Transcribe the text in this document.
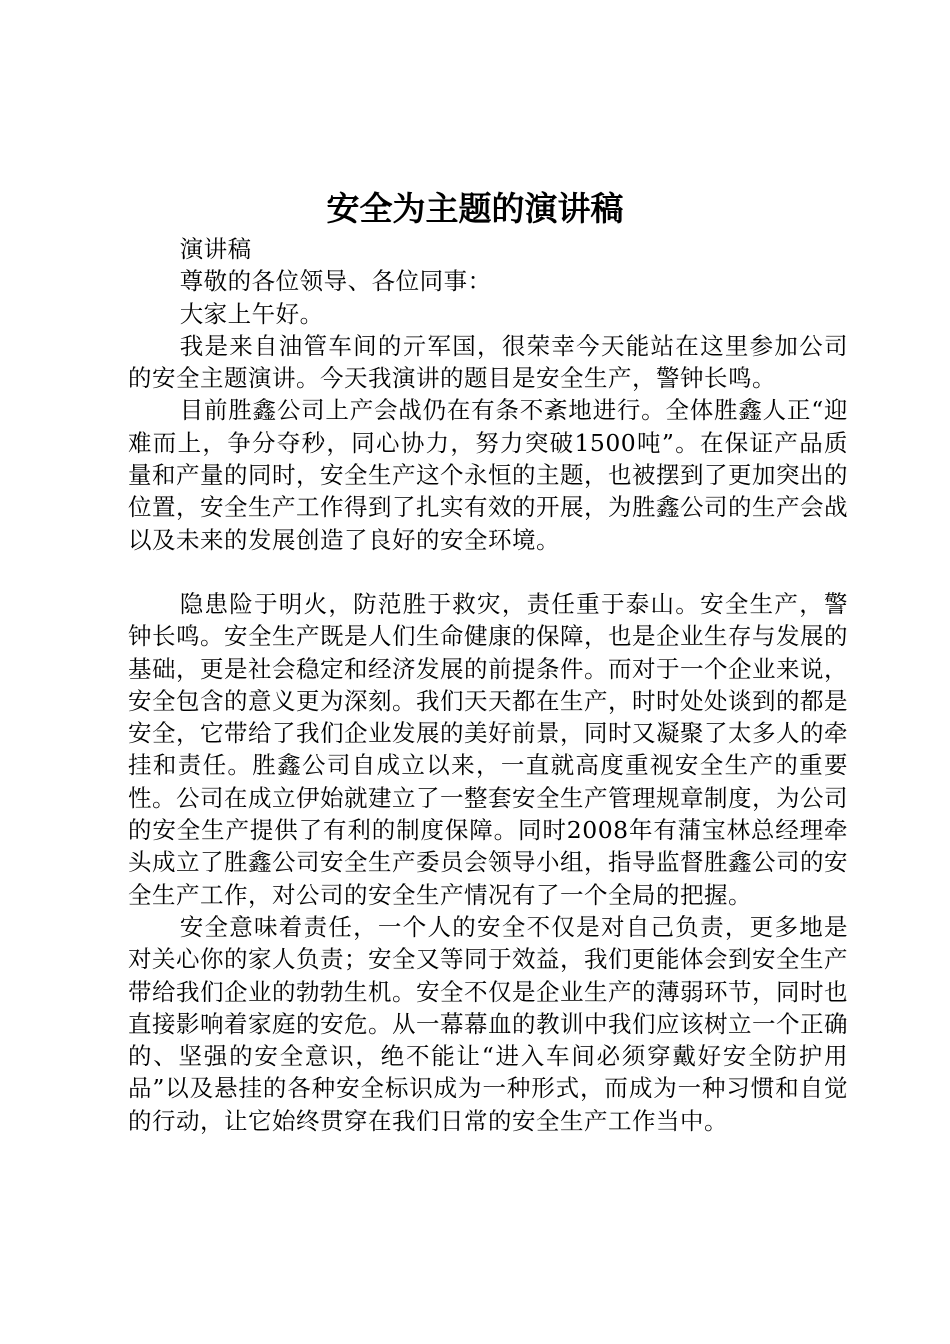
安全为主题的演讲稿

演讲稿

尊敬的各位领导、各位同事：

大家上午好。

我是来自油管车间的亓军国，很荣幸今天能站在这里参加公司的安全主题演讲。今天我演讲的题目是安全生产，警钟长鸣。

目前胜鑫公司上产会战仍在有条不紊地进行。全体胜鑫人正“迎难而上，争分夺秒，同心协力，努力突破1500吨”。在保证产品质量和产量的同时，安全生产这个永恒的主题，也被摆到了更加突出的位置，安全生产工作得到了扎实有效的开展，为胜鑫公司的生产会战以及未来的发展创造了良好的安全环境。

隐患险于明火，防范胜于救灾，责任重于泰山。安全生产，警钟长鸣。安全生产既是人们生命健康的保障，也是企业生存与发展的基础，更是社会稳定和经济发展的前提条件。而对于一个企业来说，安全包含的意义更为深刻。我们天天都在生产，时时处处谈到的都是安全，它带给了我们企业发展的美好前景，同时又凝聚了太多人的牵挂和责任。胜鑫公司自成立以来，一直就高度重视安全生产的重要性。公司在成立伊始就建立了一整套安全生产管理规章制度，为公司的安全生产提供了有利的制度保障。同时2008年有蒲宝林总经理牵头成立了胜鑫公司安全生产委员会领导小组，指导监督胜鑫公司的安全生产工作，对公司的安全生产情况有了一个全局的把握。

安全意味着责任，一个人的安全不仅是对自己负责，更多地是对关心你的家人负责；安全又等同于效益，我们更能体会到安全生产带给我们企业的勃勃生机。安全不仅是企业生产的薄弱环节，同时也直接影响着家庭的安危。从一幕幕血的教训中我们应该树立一个正确的、坚强的安全意识，绝不能让“进入车间必须穿戴好安全防护用品”以及悬挂的各种安全标识成为一种形式，而成为一种习惯和自觉的行动，让它始终贯穿在我们日常的安全生产工作当中。
